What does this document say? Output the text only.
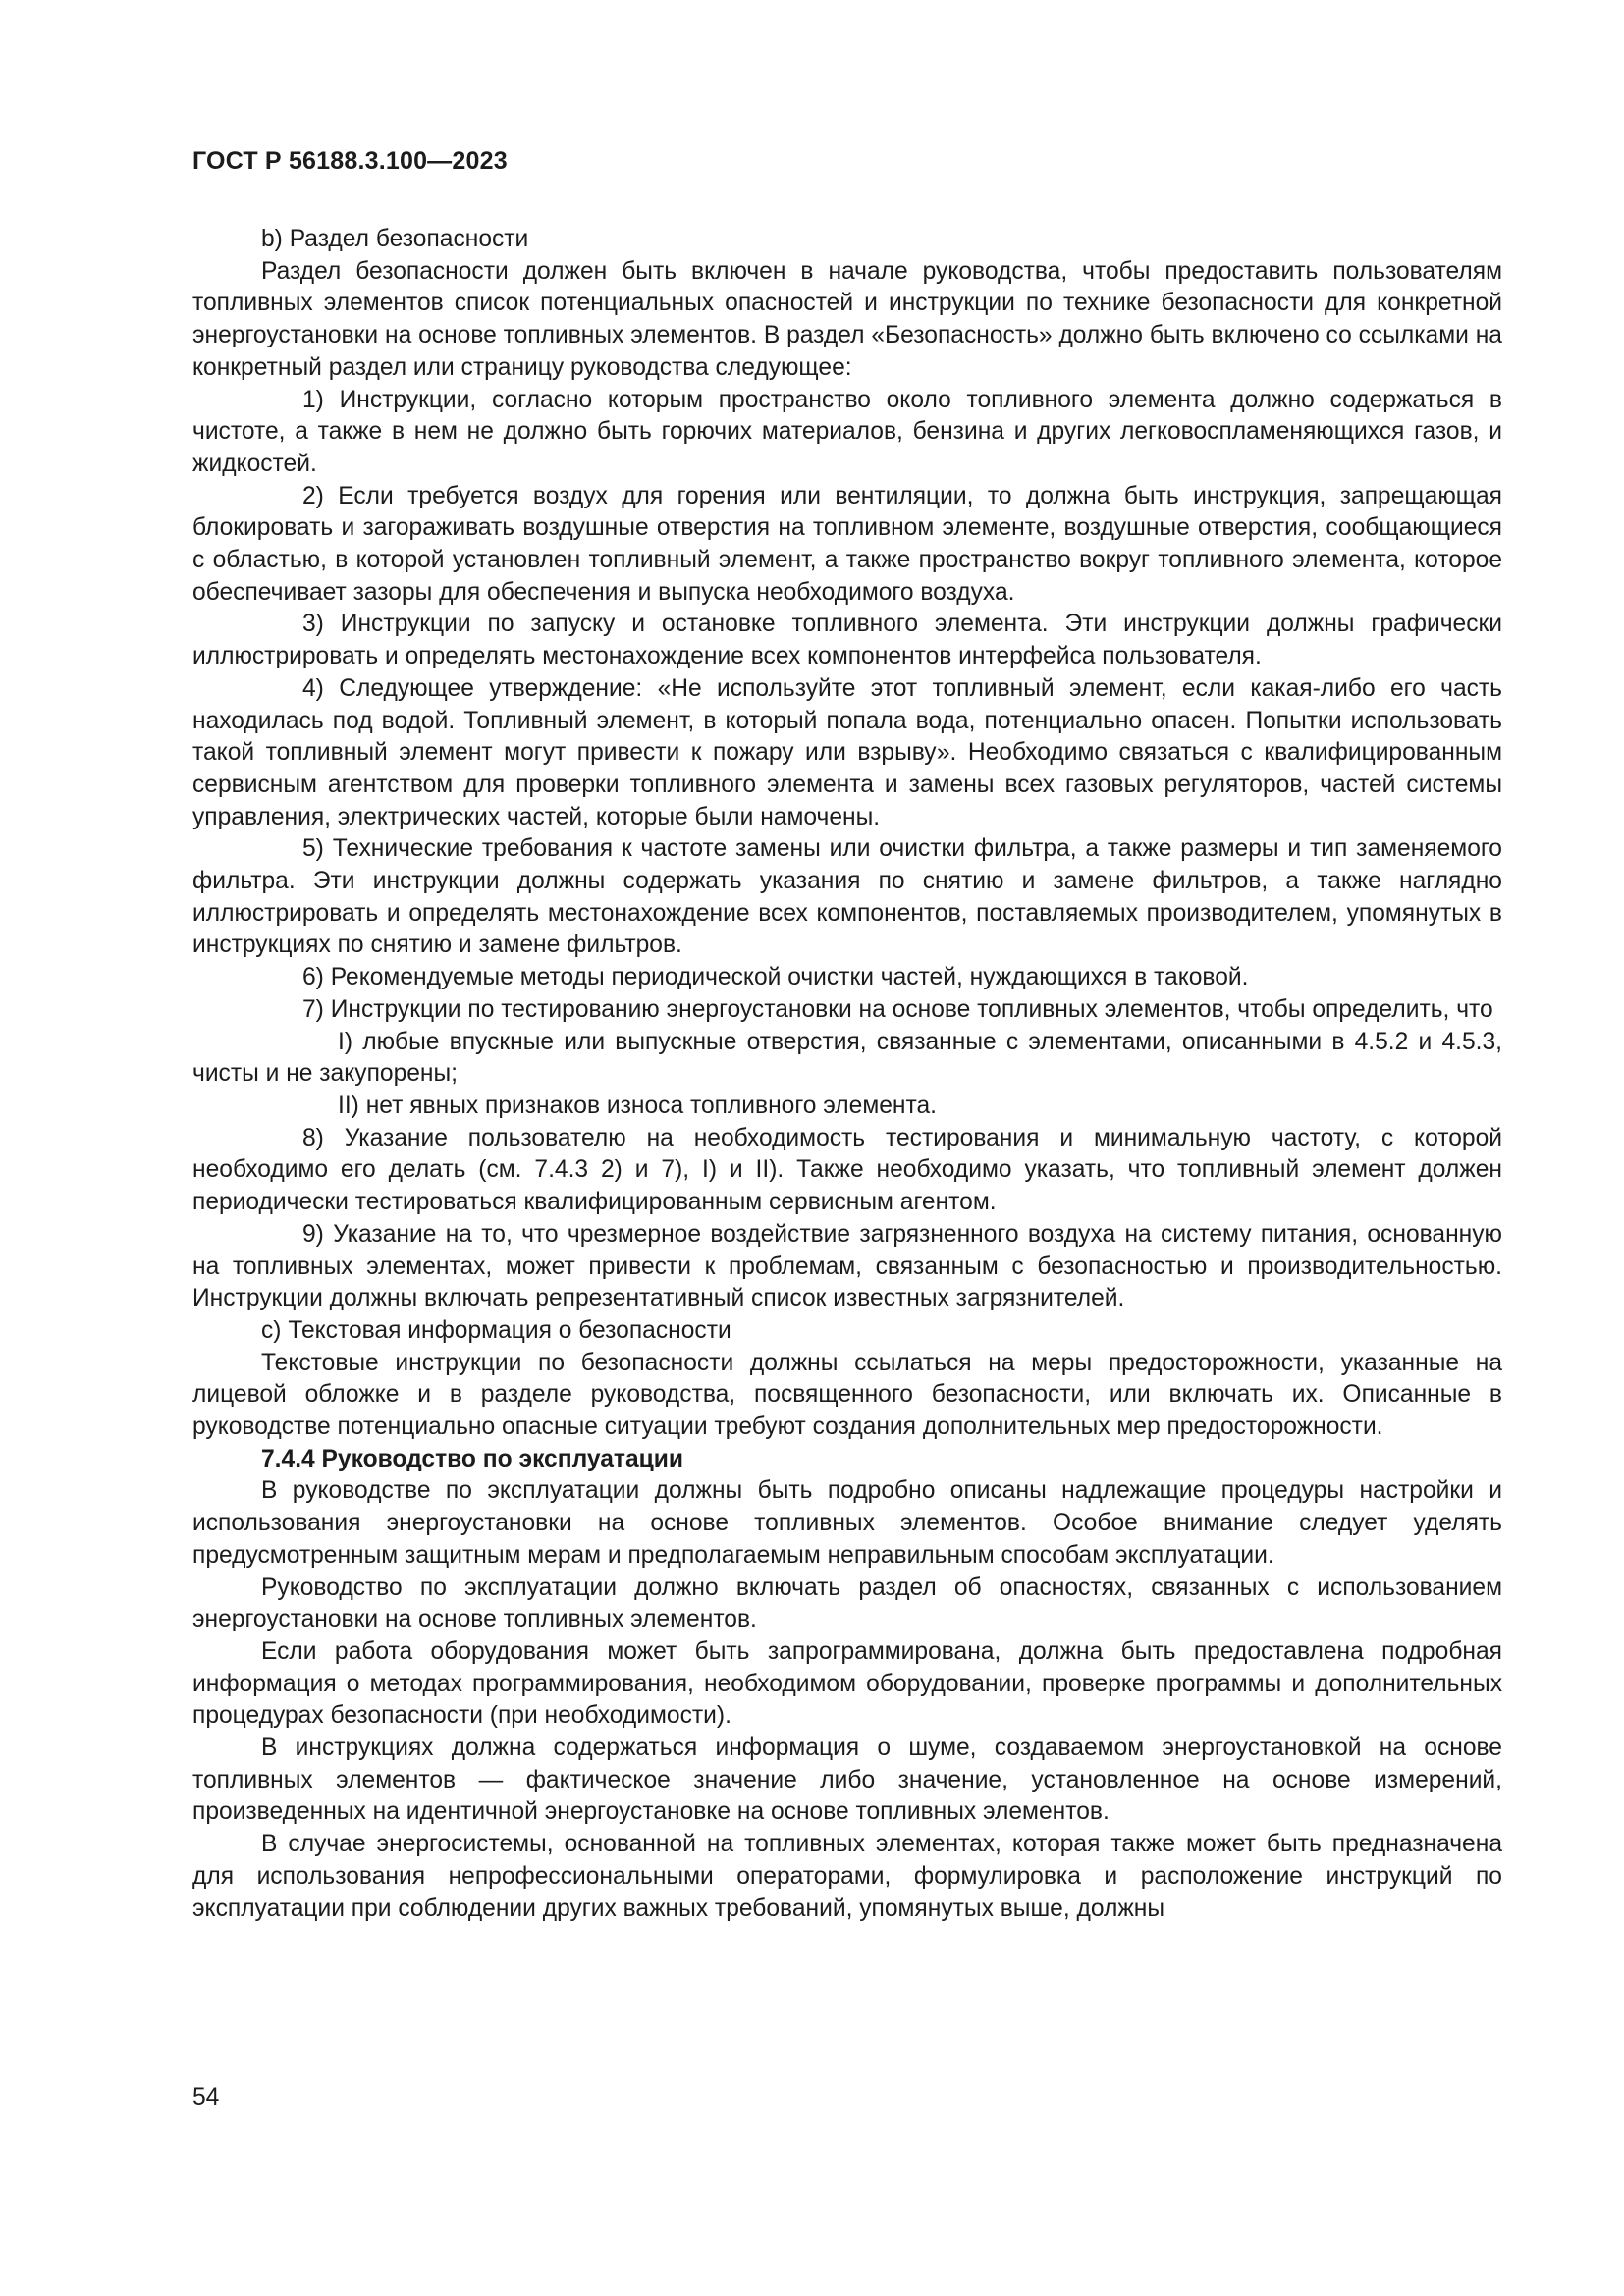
ГОСТ Р 56188.3.100—2023

b) Раздел безопасности

Раздел безопасности должен быть включен в начале руководства, чтобы предоставить пользователям топливных элементов список потенциальных опасностей и инструкции по технике безопасности для конкретной энергоустановки на основе топливных элементов. В раздел «Безопасность» должно быть включено со ссылками на конкретный раздел или страницу руководства следующее:

1) Инструкции, согласно которым пространство около топливного элемента должно содержаться в чистоте, а также в нем не должно быть горючих материалов, бензина и других легковоспламеняющихся газов, и жидкостей.

2) Если требуется воздух для горения или вентиляции, то должна быть инструкция, запрещающая блокировать и загораживать воздушные отверстия на топливном элементе, воздушные отверстия, сообщающиеся с областью, в которой установлен топливный элемент, а также пространство вокруг топливного элемента, которое обеспечивает зазоры для обеспечения и выпуска необходимого воздуха.

3) Инструкции по запуску и остановке топливного элемента. Эти инструкции должны графически иллюстрировать и определять местонахождение всех компонентов интерфейса пользователя.

4) Следующее утверждение: «Не используйте этот топливный элемент, если какая-либо его часть находилась под водой. Топливный элемент, в который попала вода, потенциально опасен. Попытки использовать такой топливный элемент могут привести к пожару или взрыву». Необходимо связаться с квалифицированным сервисным агентством для проверки топливного элемента и замены всех газовых регуляторов, частей системы управления, электрических частей, которые были намочены.

5) Технические требования к частоте замены или очистки фильтра, а также размеры и тип заменяемого фильтра. Эти инструкции должны содержать указания по снятию и замене фильтров, а также наглядно иллюстрировать и определять местонахождение всех компонентов, поставляемых производителем, упомянутых в инструкциях по снятию и замене фильтров.

6) Рекомендуемые методы периодической очистки частей, нуждающихся в таковой.

7) Инструкции по тестированию энергоустановки на основе топливных элементов, чтобы определить, что

I) любые впускные или выпускные отверстия, связанные с элементами, описанными в 4.5.2 и 4.5.3, чисты и не закупорены;

II) нет явных признаков износа топливного элемента.

8) Указание пользователю на необходимость тестирования и минимальную частоту, с которой необходимо его делать (см. 7.4.3 2) и 7), I) и II). Также необходимо указать, что топливный элемент должен периодически тестироваться квалифицированным сервисным агентом.

9) Указание на то, что чрезмерное воздействие загрязненного воздуха на систему питания, основанную на топливных элементах, может привести к проблемам, связанным с безопасностью и производительностью. Инструкции должны включать репрезентативный список известных загрязнителей.

c) Текстовая информация о безопасности

Текстовые инструкции по безопасности должны ссылаться на меры предосторожности, указанные на лицевой обложке и в разделе руководства, посвященного безопасности, или включать их. Описанные в руководстве потенциально опасные ситуации требуют создания дополнительных мер предосторожности.

7.4.4 Руководство по эксплуатации

В руководстве по эксплуатации должны быть подробно описаны надлежащие процедуры настройки и использования энергоустановки на основе топливных элементов. Особое внимание следует уделять предусмотренным защитным мерам и предполагаемым неправильным способам эксплуатации.

Руководство по эксплуатации должно включать раздел об опасностях, связанных с использованием энергоустановки на основе топливных элементов.

Если работа оборудования может быть запрограммирована, должна быть предоставлена подробная информация о методах программирования, необходимом оборудовании, проверке программы и дополнительных процедурах безопасности (при необходимости).

В инструкциях должна содержаться информация о шуме, создаваемом энергоустановкой на основе топливных элементов — фактическое значение либо значение, установленное на основе измерений, произведенных на идентичной энергоустановке на основе топливных элементов.

В случае энергосистемы, основанной на топливных элементах, которая также может быть предназначена для использования непрофессиональными операторами, формулировка и расположение инструкций по эксплуатации при соблюдении других важных требований, упомянутых выше, должны

54
